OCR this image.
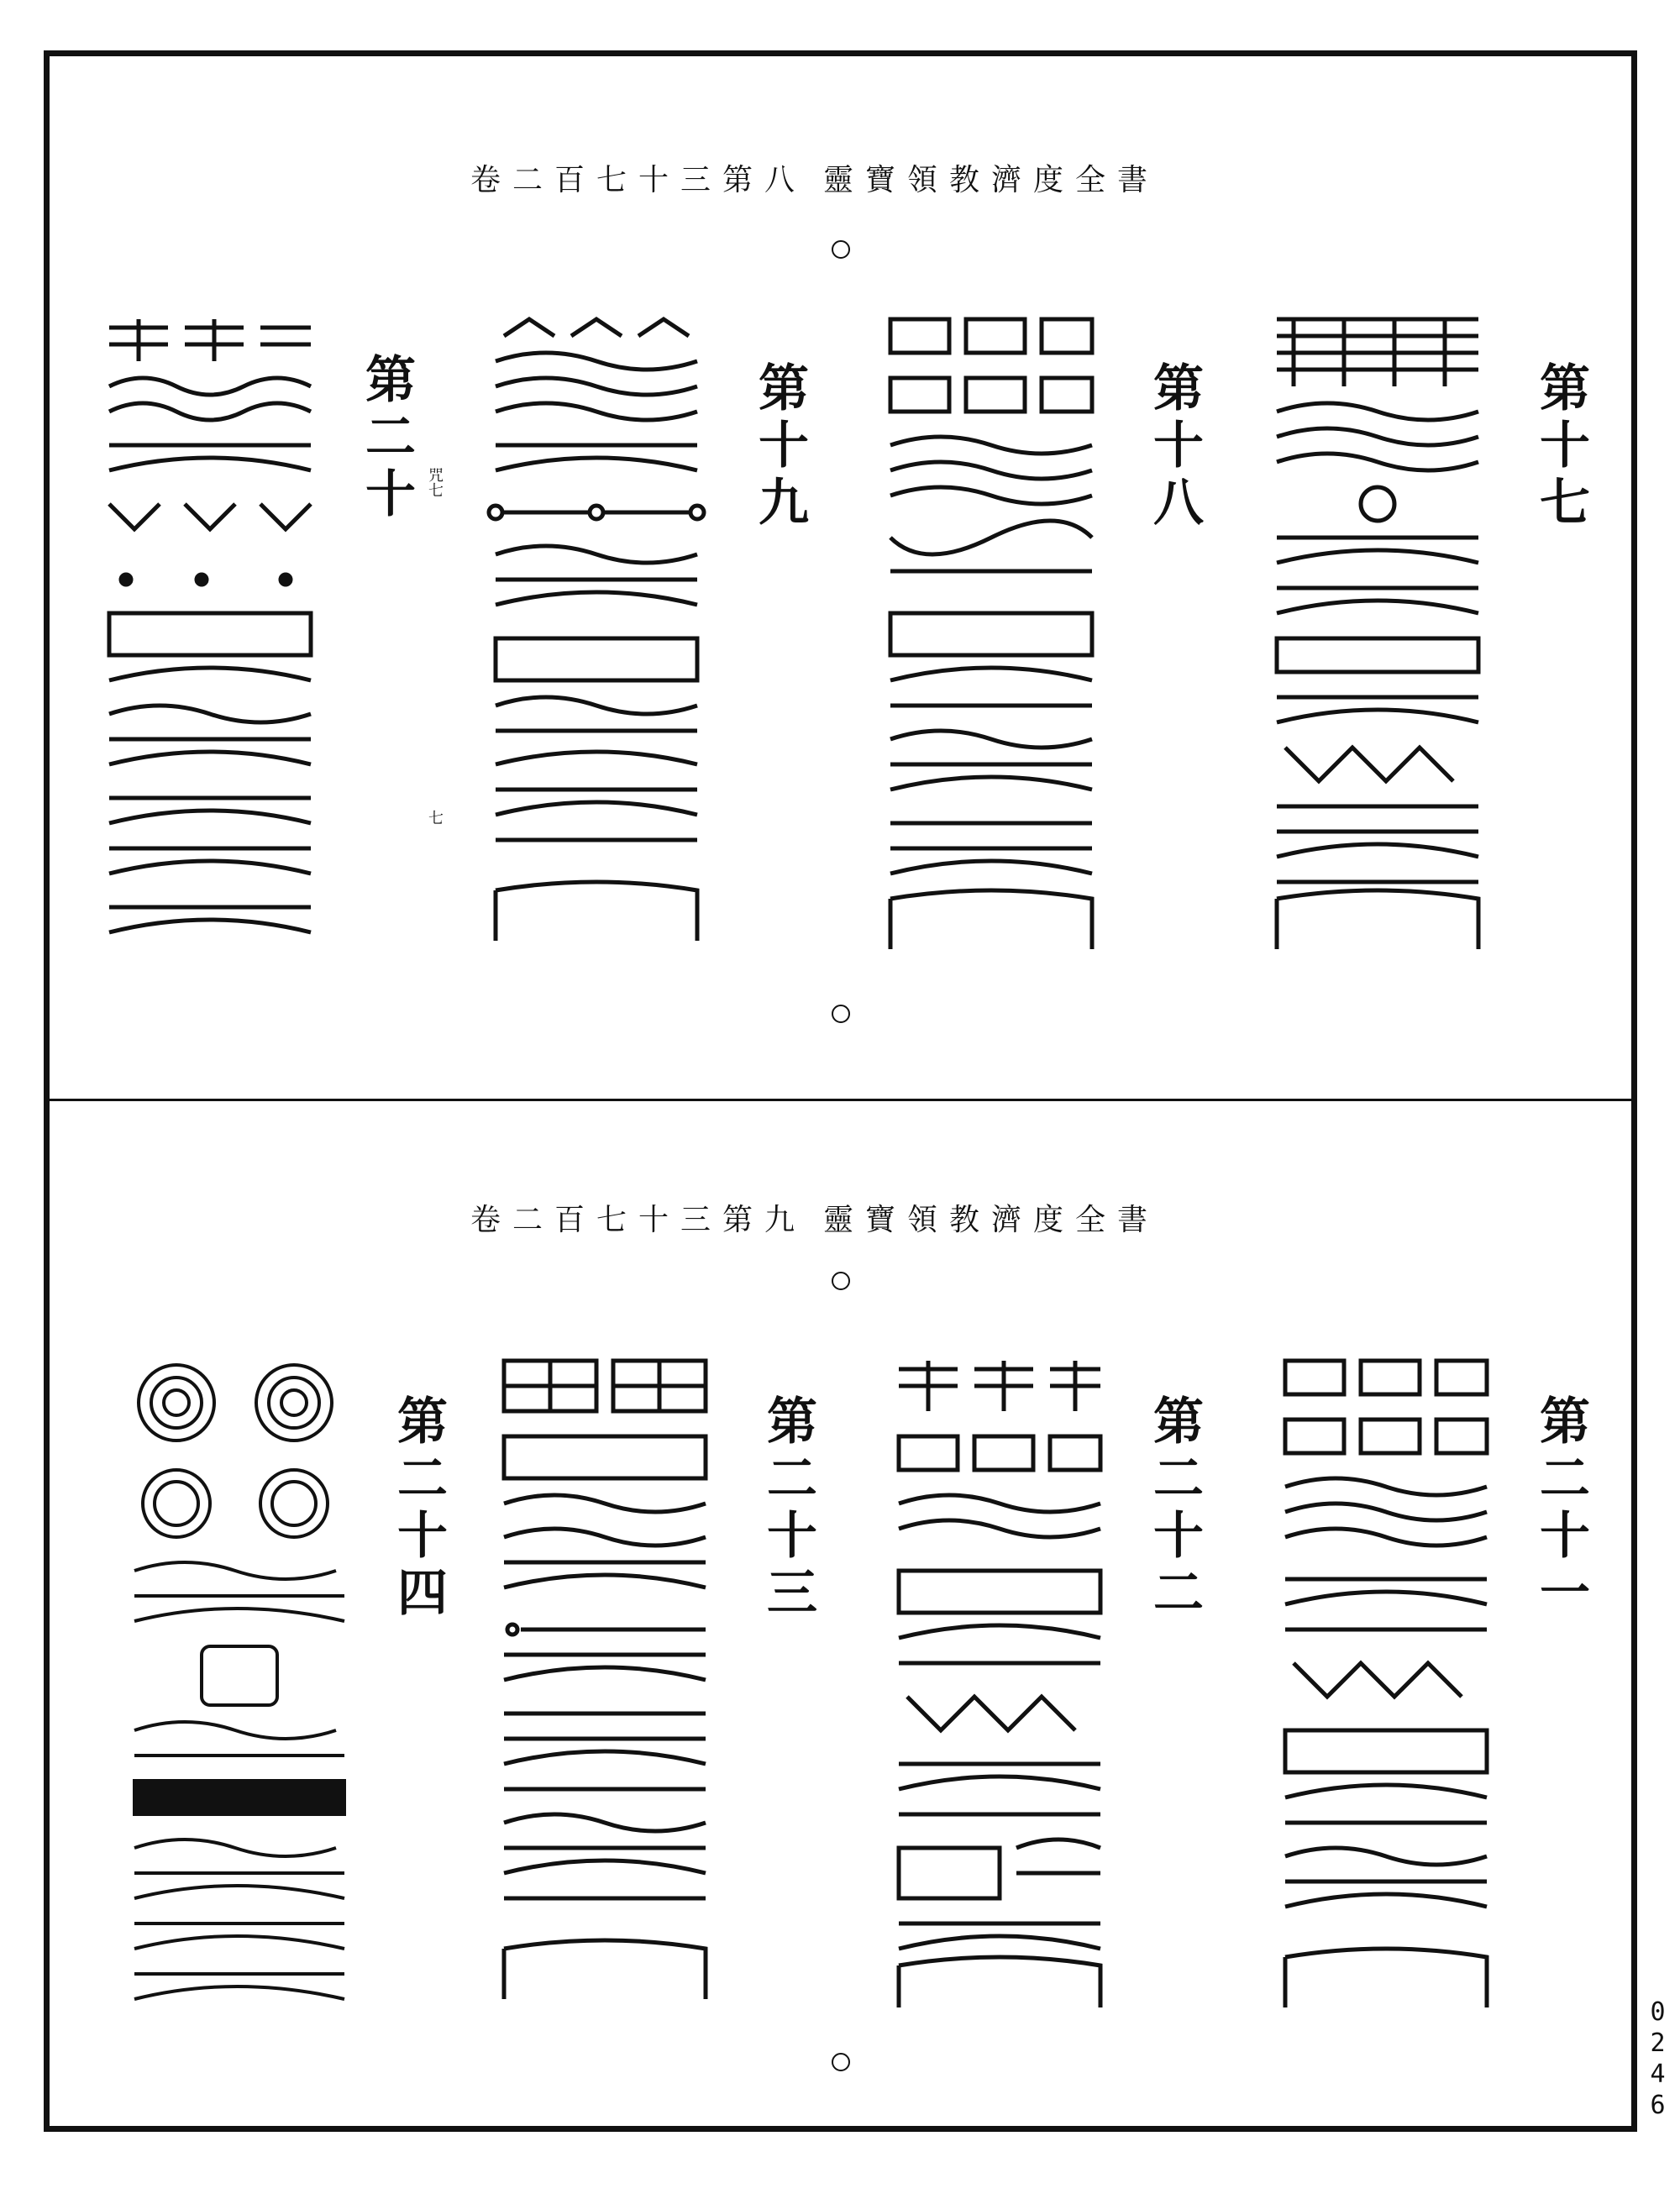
靈寶領教濟度全書
卷二百七十三第八
第十七
第十八
第十九
第二十 咒七
七
靈寶領教濟度全書
卷二百七十三第九
第二十一
第二十二
第二十三
第二十四
0246
